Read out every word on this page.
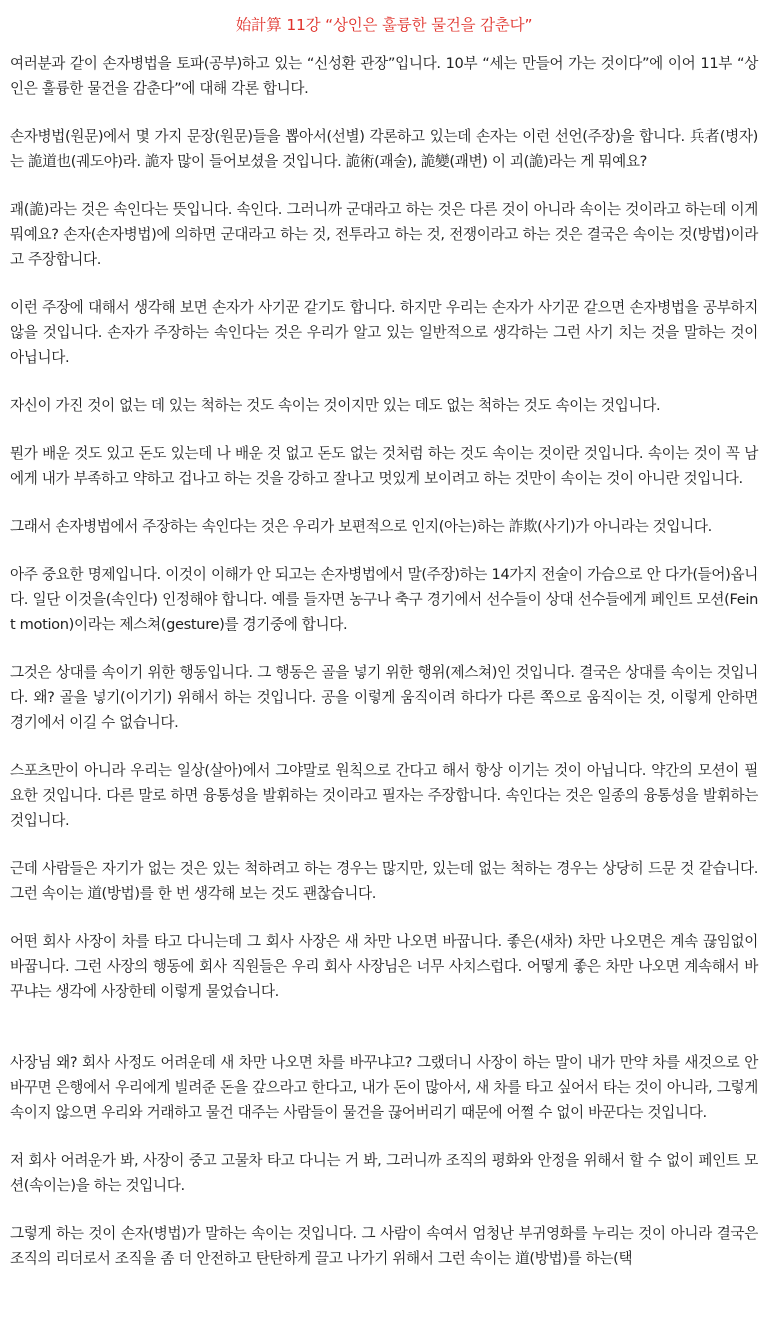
始計算 11강 “상인은 훌륭한 물건을 감춘다”

여러분과 같이 손자병법을 토파(공부)하고 있는 “신성환 관장”입니다. 10부 “세는 만들어 가는 것이다”에 이어 11부 “상인은 훌륭한 물건을 감춘다”에 대해 각론 합니다.

손자병법(원문)에서 몇 가지 문장(원문)들을 뽑아서(선별) 각론하고 있는데 손자는 이런 선언(주장)을 합니다. 兵者(병자)는 詭道也(궤도야)라. 詭자 많이 들어보셨을 것입니다. 詭術(괘술), 詭變(괘변) 이 괴(詭)라는 게 뭐예요?

괘(詭)라는 것은 속인다는 뜻입니다. 속인다. 그러니까 군대라고 하는 것은 다른 것이 아니라 속이는 것이라고 하는데 이게 뭐예요? 손자(손자병법)에 의하면 군대라고 하는 것, 전투라고 하는 것, 전쟁이라고 하는 것은 결국은 속이는 것(방법)이라고 주장합니다.

이런 주장에 대해서 생각해 보면 손자가 사기꾼 같기도 합니다. 하지만 우리는 손자가 사기꾼 같으면 손자병법을 공부하지 않을 것입니다. 손자가 주장하는 속인다는 것은 우리가 알고 있는 일반적으로 생각하는 그런 사기 치는 것을 말하는 것이 아닙니다.

자신이 가진 것이 없는 데 있는 척하는 것도 속이는 것이지만 있는 데도 없는 척하는 것도 속이는 것입니다.

뭔가 배운 것도 있고 돈도 있는데 나 배운 것 없고 돈도 없는 것처럼 하는 것도 속이는 것이란 것입니다. 속이는 것이 꼭 남에게 내가 부족하고 약하고 겁나고 하는 것을 강하고 잘나고 멋있게 보이려고 하는 것만이 속이는 것이 아니란 것입니다.

그래서 손자병법에서 주장하는 속인다는 것은 우리가 보편적으로 인지(아는)하는 詐欺(사기)가 아니라는 것입니다.

아주 중요한 명제입니다. 이것이 이해가 안 되고는 손자병법에서 말(주장)하는 14가지 전술이 가슴으로 안 다가(들어)옵니다. 일단 이것을(속인다) 인정해야 합니다. 예를 들자면 농구나 축구 경기에서 선수들이 상대 선수들에게 페인트 모션(Feint motion)이라는 제스쳐(gesture)를 경기중에 합니다.

그것은 상대를 속이기 위한 행동입니다. 그 행동은 골을 넣기 위한 행위(제스쳐)인 것입니다. 결국은 상대를 속이는 것입니다. 왜? 골을 넣기(이기기) 위해서 하는 것입니다. 공을 이렇게 움직이려 하다가 다른 쪽으로 움직이는 것, 이렇게 안하면 경기에서 이길 수 없습니다.

스포츠만이 아니라 우리는 일상(살아)에서 그야말로 원칙으로 간다고 해서 항상 이기는 것이 아닙니다. 약간의 모션이 필요한 것입니다. 다른 말로 하면 융통성을 발휘하는 것이라고 필자는 주장합니다. 속인다는 것은 일종의 융통성을 발휘하는 것입니다.

근데 사람들은 자기가 없는 것은 있는 척하려고 하는 경우는 많지만, 있는데 없는 척하는 경우는 상당히 드문 것 같습니다. 그런 속이는 道(방법)를 한 번 생각해 보는 것도 괜찮습니다.

어떤 회사 사장이 차를 타고 다니는데 그 회사 사장은 새 차만 나오면 바꿉니다. 좋은(새차) 차만 나오면은 계속 끊임없이 바꿉니다. 그런 사장의 행동에 회사 직원들은 우리 회사 사장님은 너무 사치스럽다. 어떻게 좋은 차만 나오면 계속해서 바꾸냐는 생각에 사장한테 이렇게 물었습니다.

사장님 왜? 회사 사정도 어려운데 새 차만 나오면 차를 바꾸냐고? 그랬더니 사장이 하는 말이 내가 만약 차를 새것으로 안 바꾸면 은행에서 우리에게 빌려준 돈을 갚으라고 한다고, 내가 돈이 많아서, 새 차를 타고 싶어서 타는 것이 아니라, 그렇게 속이지 않으면 우리와 거래하고 물건 대주는 사람들이 물건을 끊어버리기 때문에 어쩔 수 없이 바꾼다는 것입니다.

저 회사 어려운가 봐, 사장이 중고 고물차 타고 다니는 거 봐, 그러니까 조직의 평화와 안정을 위해서 할 수 없이 페인트 모션(속이는)을 하는 것입니다.

그렇게 하는 것이 손자(병법)가 말하는 속이는 것입니다. 그 사람이 속여서 엄청난 부귀영화를 누리는 것이 아니라 결국은 조직의 리더로서 조직을 좀 더 안전하고 탄탄하게 끌고 나가기 위해서 그런 속이는 道(방법)를 하는(택
